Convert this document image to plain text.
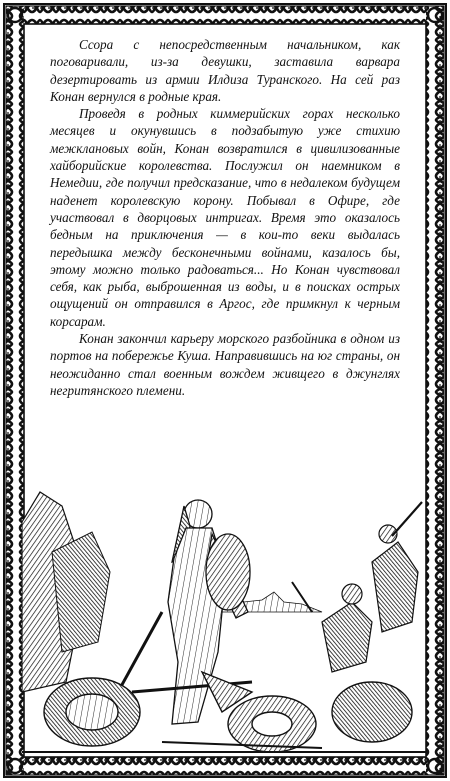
Ссора с непосредственным начальником, как поговаривали, из-за девушки, заставила варвара дезертировать из армии Илдиза Туранского. На сей раз Конан вернулся в родные края.

Проведя в родных киммерийских горах несколько месяцев и окунувшись в подзабытую уже стихию межклановых войн, Конан возвратился в цивилизованные хайборийские королевства. Послужил он наемником в Немедии, где получил предсказание, что в недалеком будущем наденет королевскую корону. Побывал в Офире, где участвовал в дворцовых интригах. Время это оказалось бедным на приключения — в кои-то веки выдалась передышка между бесконечными войнами, казалось бы, этому можно только радоваться... Но Конан чувствовал себя, как рыба, выброшенная из воды, и в поисках острых ощущений он отправился в Аргос, где примкнул к черным корсарам.

Конан закончил карьеру морского разбойника в одном из портов на побережье Куша. Направившись на юг страны, он неожиданно стал военным вождем живщего в джунглях негритянского племени.
